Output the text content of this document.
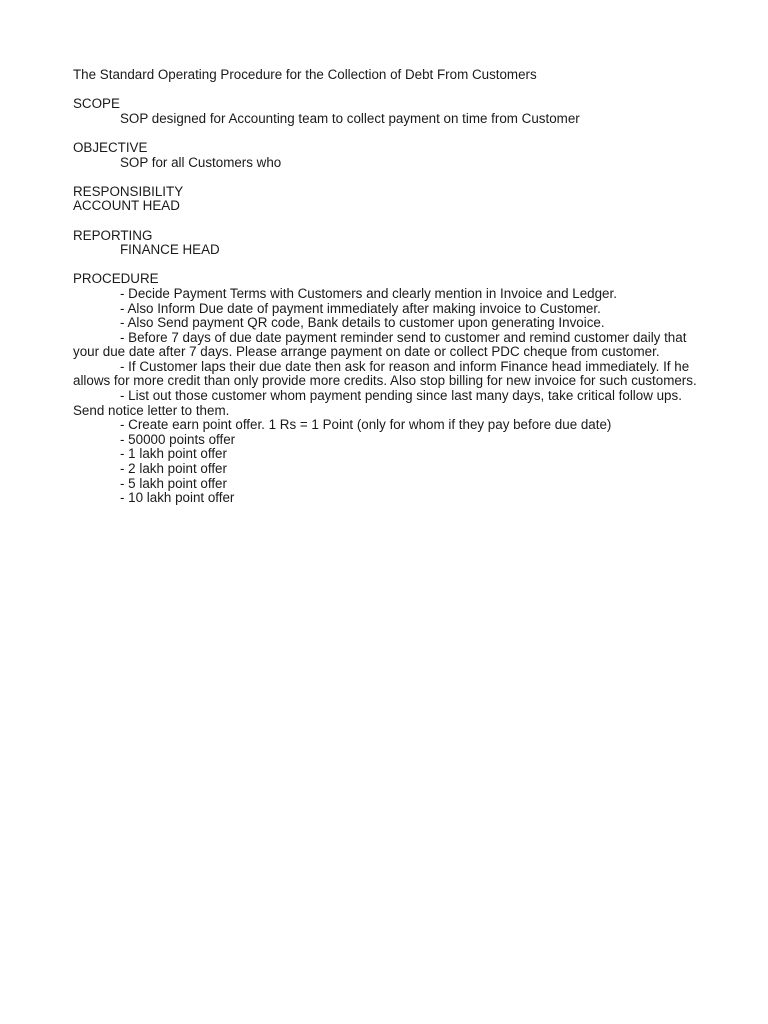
The Standard Operating Procedure for the Collection of Debt From Customers
SCOPE
SOP designed for Accounting team to collect payment on time from Customer
OBJECTIVE
SOP for all Customers who
RESPONSIBILITY
ACCOUNT HEAD
REPORTING
FINANCE HEAD
PROCEDURE
- Decide Payment Terms with Customers and clearly mention in Invoice and Ledger.
- Also Inform Due date of payment immediately after making invoice to Customer.
- Also Send payment QR code, Bank details to customer upon generating Invoice.
- Before 7 days of due date payment reminder send to customer and remind customer daily that your due date after 7 days. Please arrange payment on date or collect PDC cheque from customer.
- If Customer laps their due date then ask for reason and inform Finance head immediately. If he allows for more credit than only provide more credits. Also stop billing for new invoice for such customers.
- List out those customer whom payment pending since last many days, take critical follow ups. Send notice letter to them.
- Create earn point offer. 1 Rs = 1 Point (only for whom if they pay before due date)
- 50000 points offer
- 1 lakh point offer
- 2 lakh point offer
- 5 lakh point offer
- 10 lakh point offer
